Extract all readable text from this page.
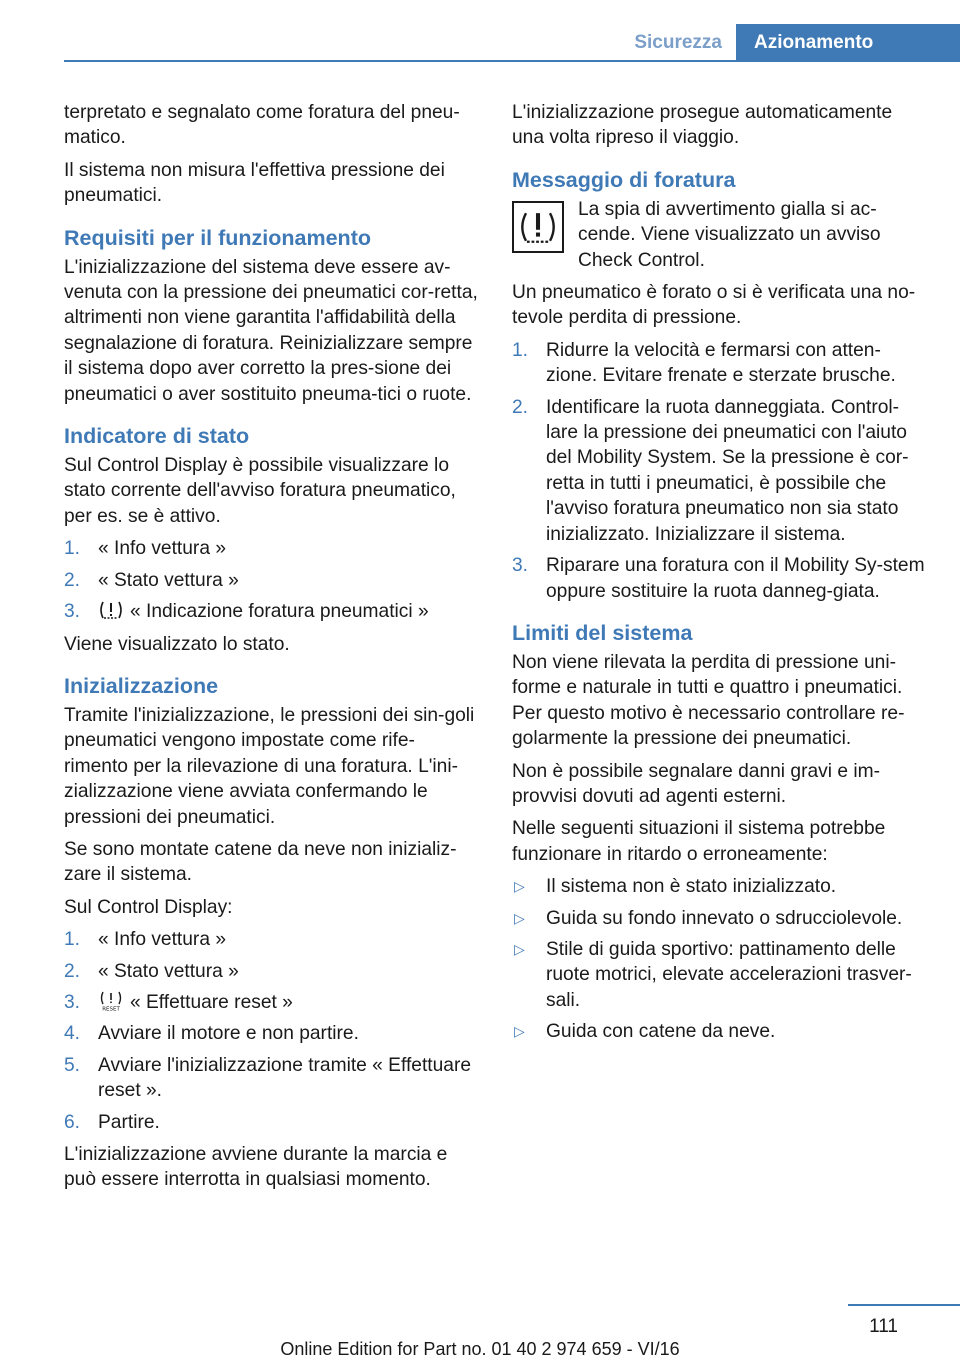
Sicurezza	Azionamento

terpretato e segnalato come foratura del pneu‐matico.

Il sistema non misura l'effettiva pressione dei pneumatici.

Requisiti per il funzionamento

L'inizializzazione del sistema deve essere av‐venuta con la pressione dei pneumatici cor‐retta, altrimenti non viene garantita l'affidabilità della segnalazione di foratura. Reinizializzare sempre il sistema dopo aver corretto la pres‐sione dei pneumatici o aver sostituito pneuma‐tici o ruote.

Indicatore di stato

Sul Control Display è possibile visualizzare lo stato corrente dell'avviso foratura pneumatico, per es. se è attivo.

1. « Info vettura »
2. « Stato vettura »
3.	« Indicazione foratura pneumatici »

Viene visualizzato lo stato.

Inizializzazione

Tramite l'inizializzazione, le pressioni dei sin‐goli pneumatici vengono impostate come rife‐rimento per la rilevazione di una foratura. L'ini‐zializzazione viene avviata confermando le pressioni dei pneumatici.

Se sono montate catene da neve non inizializ‐zare il sistema.

Sul Control Display:

1. « Info vettura »
2. « Stato vettura »
3.	RESET « Effettuare reset »
4. Avviare il motore e non partire.
5. Avviare l'inizializzazione tramite « Effettuare reset ».
6. Partire.

L'inizializzazione avviene durante la marcia e può essere interrotta in qualsiasi momento.

L'inizializzazione prosegue automaticamente una volta ripreso il viaggio.

Messaggio di foratura

La spia di avvertimento gialla si ac‐cende. Viene visualizzato un avviso Check Control.

Un pneumatico è forato o si è verificata una no‐tevole perdita di pressione.

1. Ridurre la velocità e fermarsi con atten‐zione. Evitare frenate e sterzate brusche.
2. Identificare la ruota danneggiata. Control‐lare la pressione dei pneumatici con l'aiuto del Mobility System. Se la pressione è cor‐retta in tutti i pneumatici, è possibile che l'avviso foratura pneumatico non sia stato inizializzato. Inizializzare il sistema.
3. Riparare una foratura con il Mobility Sy‐stem oppure sostituire la ruota danneg‐giata.
Limiti del sistema

Non viene rilevata la perdita di pressione uni‐forme e naturale in tutti e quattro i pneumatici. Per questo motivo è necessario controllare re‐golarmente la pressione dei pneumatici.

Non è possibile segnalare danni gravi e im‐provvisi dovuti ad agenti esterni.

Nelle seguenti situazioni il sistema potrebbe funzionare in ritardo o erroneamente:

▷ Il sistema non è stato inizializzato.
▷ Guida su fondo innevato o sdrucciolevole.
▷ Stile di guida sportivo: pattinamento delle ruote motrici, elevate accelerazioni trasver‐sali.
▷ Guida con catene da neve.
111
Online Edition for Part no. 01 40 2 974 659 - VI/16
